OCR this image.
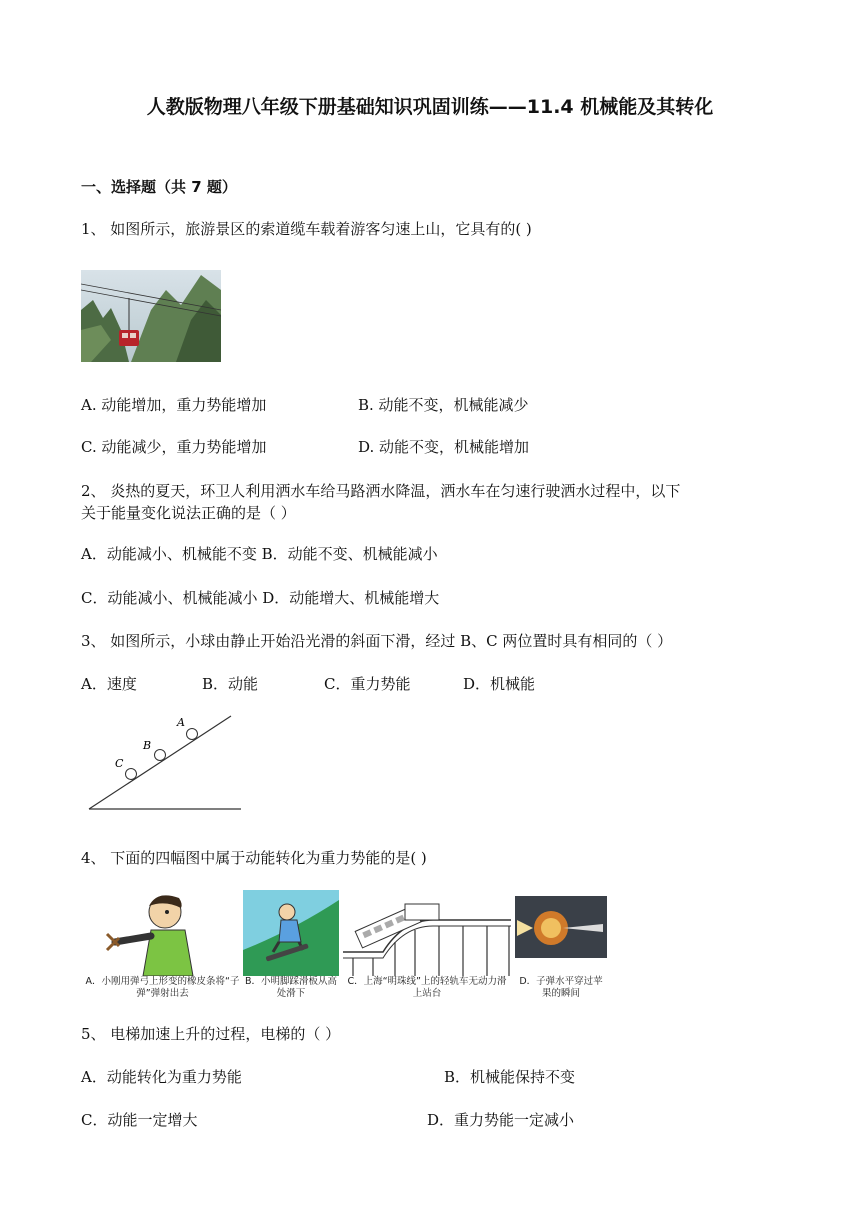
人教版物理八年级下册基础知识巩固训练——11.4 机械能及其转化
一、选择题（共 7 题）
1、 如图所示，旅游景区的索道缆车载着游客匀速上山，它具有的( )
A. 动能增加，重力势能增加	B. 动能不变，机械能减少
C. 动能减少，重力势能增加	D. 动能不变，机械能增加
2、 炎热的夏天，环卫人利用洒水车给马路洒水降温，洒水车在匀速行驶洒水过程中，以下
关于能量变化说法正确的是（ ）
A．动能减小、机械能不变 B．动能不变、机械能减小
C．动能减小、机械能减小 D．动能增大、机械能增大
3、 如图所示，小球由静止开始沿光滑的斜面下滑，经过 B、C 两位置时具有相同的（ ）
A．速度	B．动能	C．重力势能	D．机械能
A
B
C
4、 下面的四幅图中属于动能转化为重力势能的是( )
A．小刚用弹弓上形变的橡皮条将“子弹”弹射出去
B．小明脚踩滑板从高处滑下
C．上海“明珠线”上的轻轨车无动力滑上站台
D．子弹水平穿过苹果的瞬间
5、 电梯加速上升的过程，电梯的（ ）
A．动能转化为重力势能	B．机械能保持不变
C．动能一定增大	D．重力势能一定减小
